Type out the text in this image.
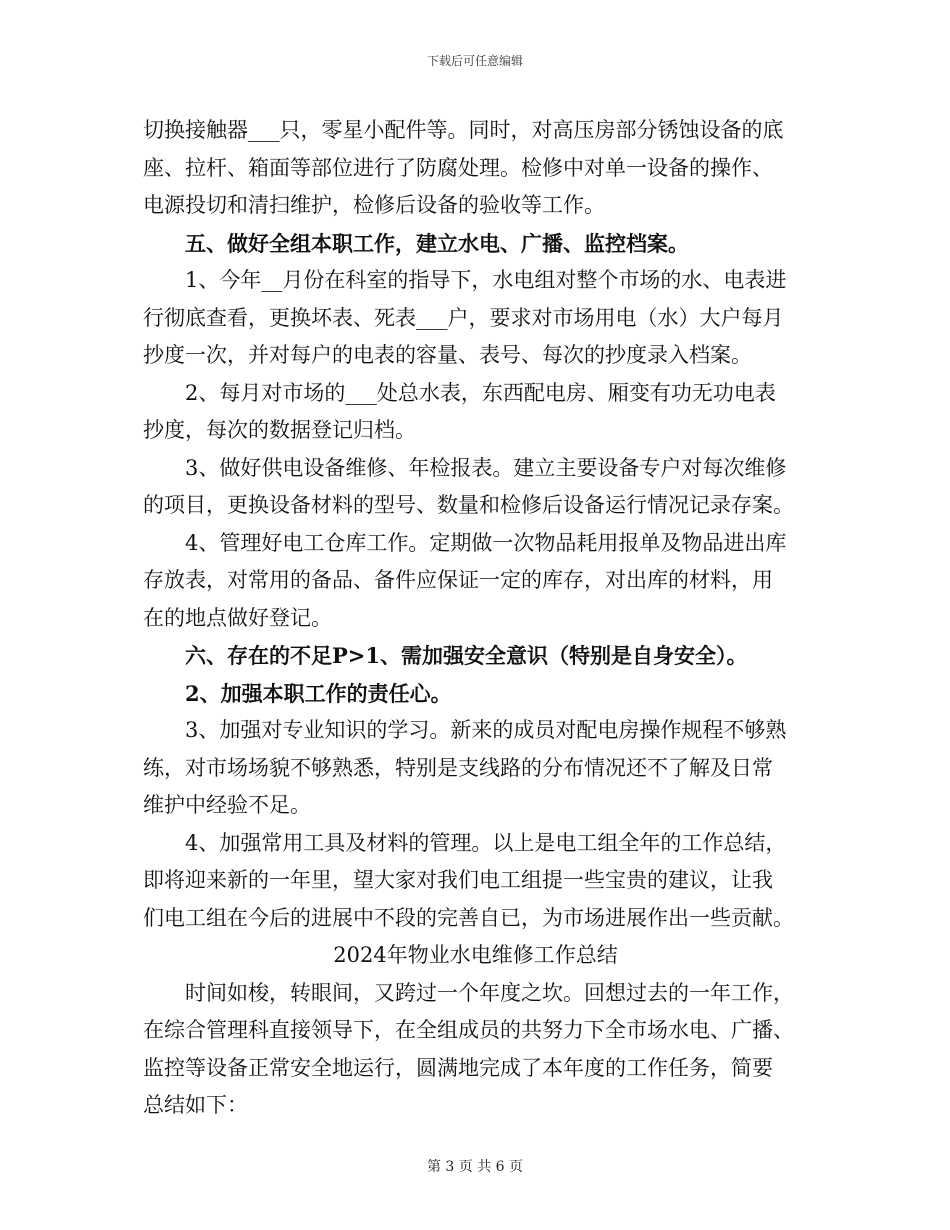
下载后可任意编辑
切换接触器___只，零星小配件等。同时，对高压房部分锈蚀设备的底
座、拉杆、箱面等部位进行了防腐处理。检修中对单一设备的操作、
电源投切和清扫维护，检修后设备的验收等工作。
五、做好全组本职工作，建立水电、广播、监控档案。
1、今年__月份在科室的指导下，水电组对整个市场的水、电表进
行彻底查看，更换坏表、死表___户，要求对市场用电（水）大户每月
抄度一次，并对每户的电表的容量、表号、每次的抄度录入档案。
2、每月对市场的___处总水表，东西配电房、厢变有功无功电表
抄度，每次的数据登记归档。
3、做好供电设备维修、年检报表。建立主要设备专户对每次维修
的项目，更换设备材料的型号、数量和检修后设备运行情况记录存案。
4、管理好电工仓库工作。定期做一次物品耗用报单及物品进出库
存放表，对常用的备品、备件应保证一定的库存，对出库的材料，用
在的地点做好登记。
六、存在的不足P>1、需加强安全意识（特别是自身安全）。
2、加强本职工作的责任心。
3、加强对专业知识的学习。新来的成员对配电房操作规程不够熟
练，对市场场貌不够熟悉，特别是支线路的分布情况还不了解及日常
维护中经验不足。
4、加强常用工具及材料的管理。以上是电工组全年的工作总结，
即将迎来新的一年里，望大家对我们电工组提一些宝贵的建议，让我
们电工组在今后的进展中不段的完善自已，为市场进展作出一些贡献。
2024年物业水电维修工作总结
时间如梭，转眼间，又跨过一个年度之坎。回想过去的一年工作，
在综合管理科直接领导下，在全组成员的共努力下全市场水电、广播、
监控等设备正常安全地运行，圆满地完成了本年度的工作任务，简要
总结如下：
第 3 页 共 6 页
